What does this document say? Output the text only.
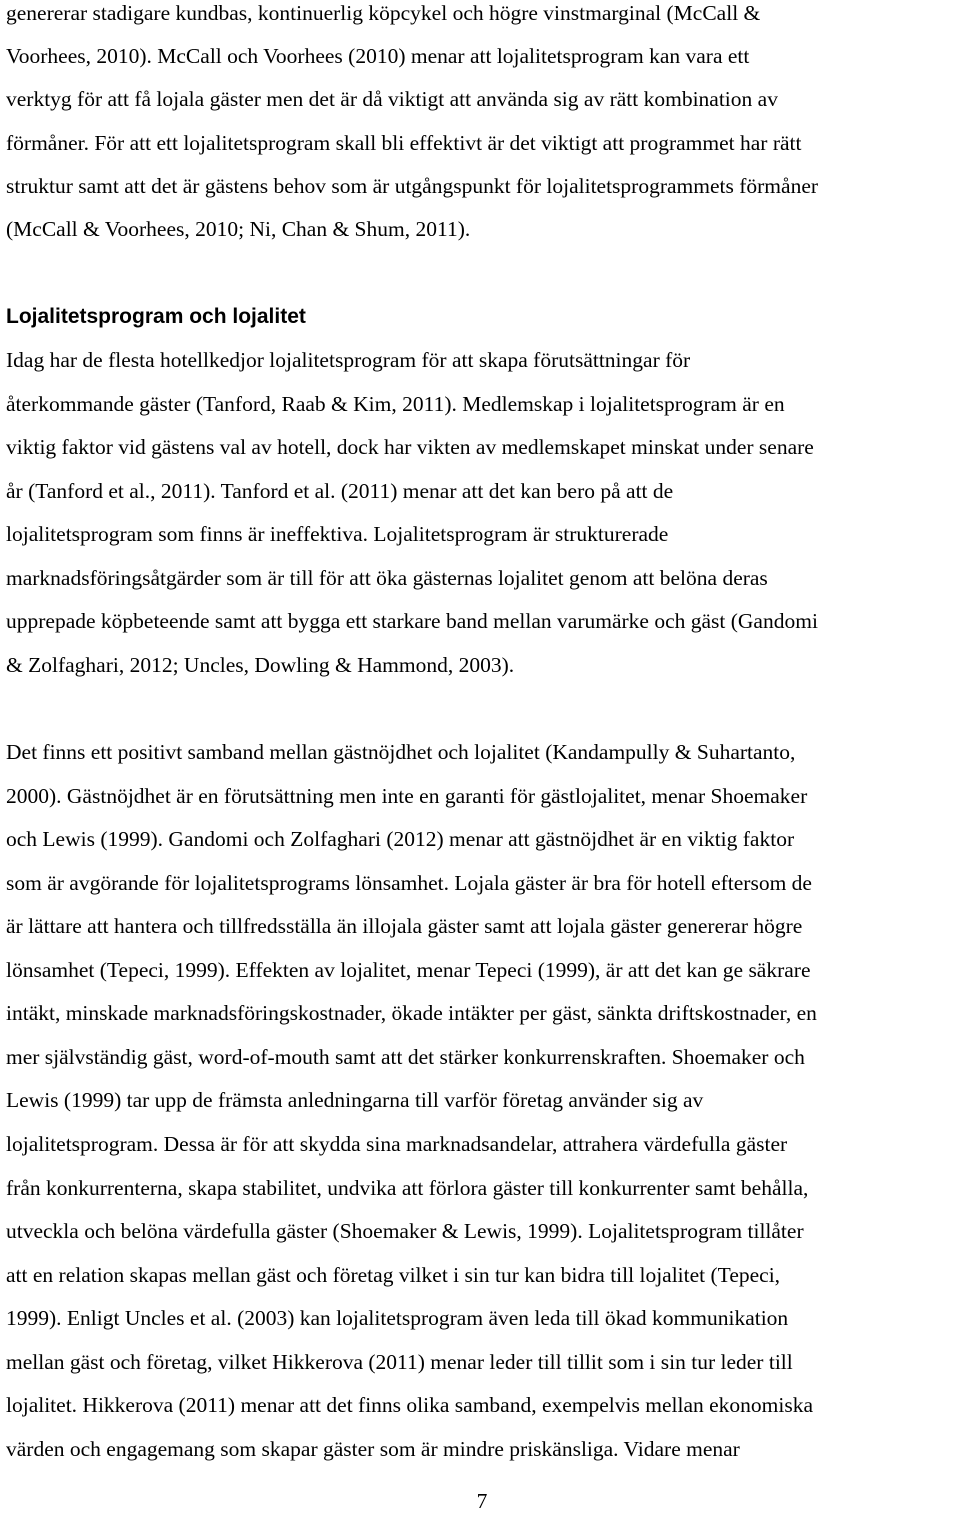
genererar stadigare kundbas, kontinuerlig köpcykel och högre vinstmarginal (McCall &
Voorhees, 2010). McCall och Voorhees (2010) menar att lojalitetsprogram kan vara ett
verktyg för att få lojala gäster men det är då viktigt att använda sig av rätt kombination av
förmåner. För att ett lojalitetsprogram skall bli effektivt är det viktigt att programmet har rätt
struktur samt att det är gästens behov som är utgångspunkt för lojalitetsprogrammets förmåner
(McCall & Voorhees, 2010; Ni, Chan & Shum, 2011).
Lojalitetsprogram och lojalitet
Idag har de flesta hotellkedjor lojalitetsprogram för att skapa förutsättningar för
återkommande gäster (Tanford, Raab & Kim, 2011). Medlemskap i lojalitetsprogram är en
viktig faktor vid gästens val av hotell, dock har vikten av medlemskapet minskat under senare
år (Tanford et al., 2011). Tanford et al. (2011) menar att det kan bero på att de
lojalitetsprogram som finns är ineffektiva. Lojalitetsprogram är strukturerade
marknadsföringsåtgärder som är till för att öka gästernas lojalitet genom att belöna deras
upprepade köpbeteende samt att bygga ett starkare band mellan varumärke och gäst (Gandomi
& Zolfaghari, 2012; Uncles, Dowling & Hammond, 2003).
Det finns ett positivt samband mellan gästnöjdhet och lojalitet (Kandampully & Suhartanto,
2000). Gästnöjdhet är en förutsättning men inte en garanti för gästlojalitet, menar Shoemaker
och Lewis (1999). Gandomi och Zolfaghari (2012) menar att gästnöjdhet är en viktig faktor
som är avgörande för lojalitetsprograms lönsamhet. Lojala gäster är bra för hotell eftersom de
är lättare att hantera och tillfredsställa än illojala gäster samt att lojala gäster genererar högre
lönsamhet (Tepeci, 1999). Effekten av lojalitet, menar Tepeci (1999), är att det kan ge säkrare
intäkt, minskade marknadsföringskostnader, ökade intäkter per gäst, sänkta driftskostnader, en
mer självständig gäst, word-of-mouth samt att det stärker konkurrenskraften. Shoemaker och
Lewis (1999) tar upp de främsta anledningarna till varför företag använder sig av
lojalitetsprogram. Dessa är för att skydda sina marknadsandelar, attrahera värdefulla gäster
från konkurrenterna, skapa stabilitet, undvika att förlora gäster till konkurrenter samt behålla,
utveckla och belöna värdefulla gäster (Shoemaker & Lewis, 1999). Lojalitetsprogram tillåter
att en relation skapas mellan gäst och företag vilket i sin tur kan bidra till lojalitet (Tepeci,
1999). Enligt Uncles et al. (2003) kan lojalitetsprogram även leda till ökad kommunikation
mellan gäst och företag, vilket Hikkerova (2011) menar leder till tillit som i sin tur leder till
lojalitet. Hikkerova (2011) menar att det finns olika samband, exempelvis mellan ekonomiska
värden och engagemang som skapar gäster som är mindre priskänsliga. Vidare menar
7
